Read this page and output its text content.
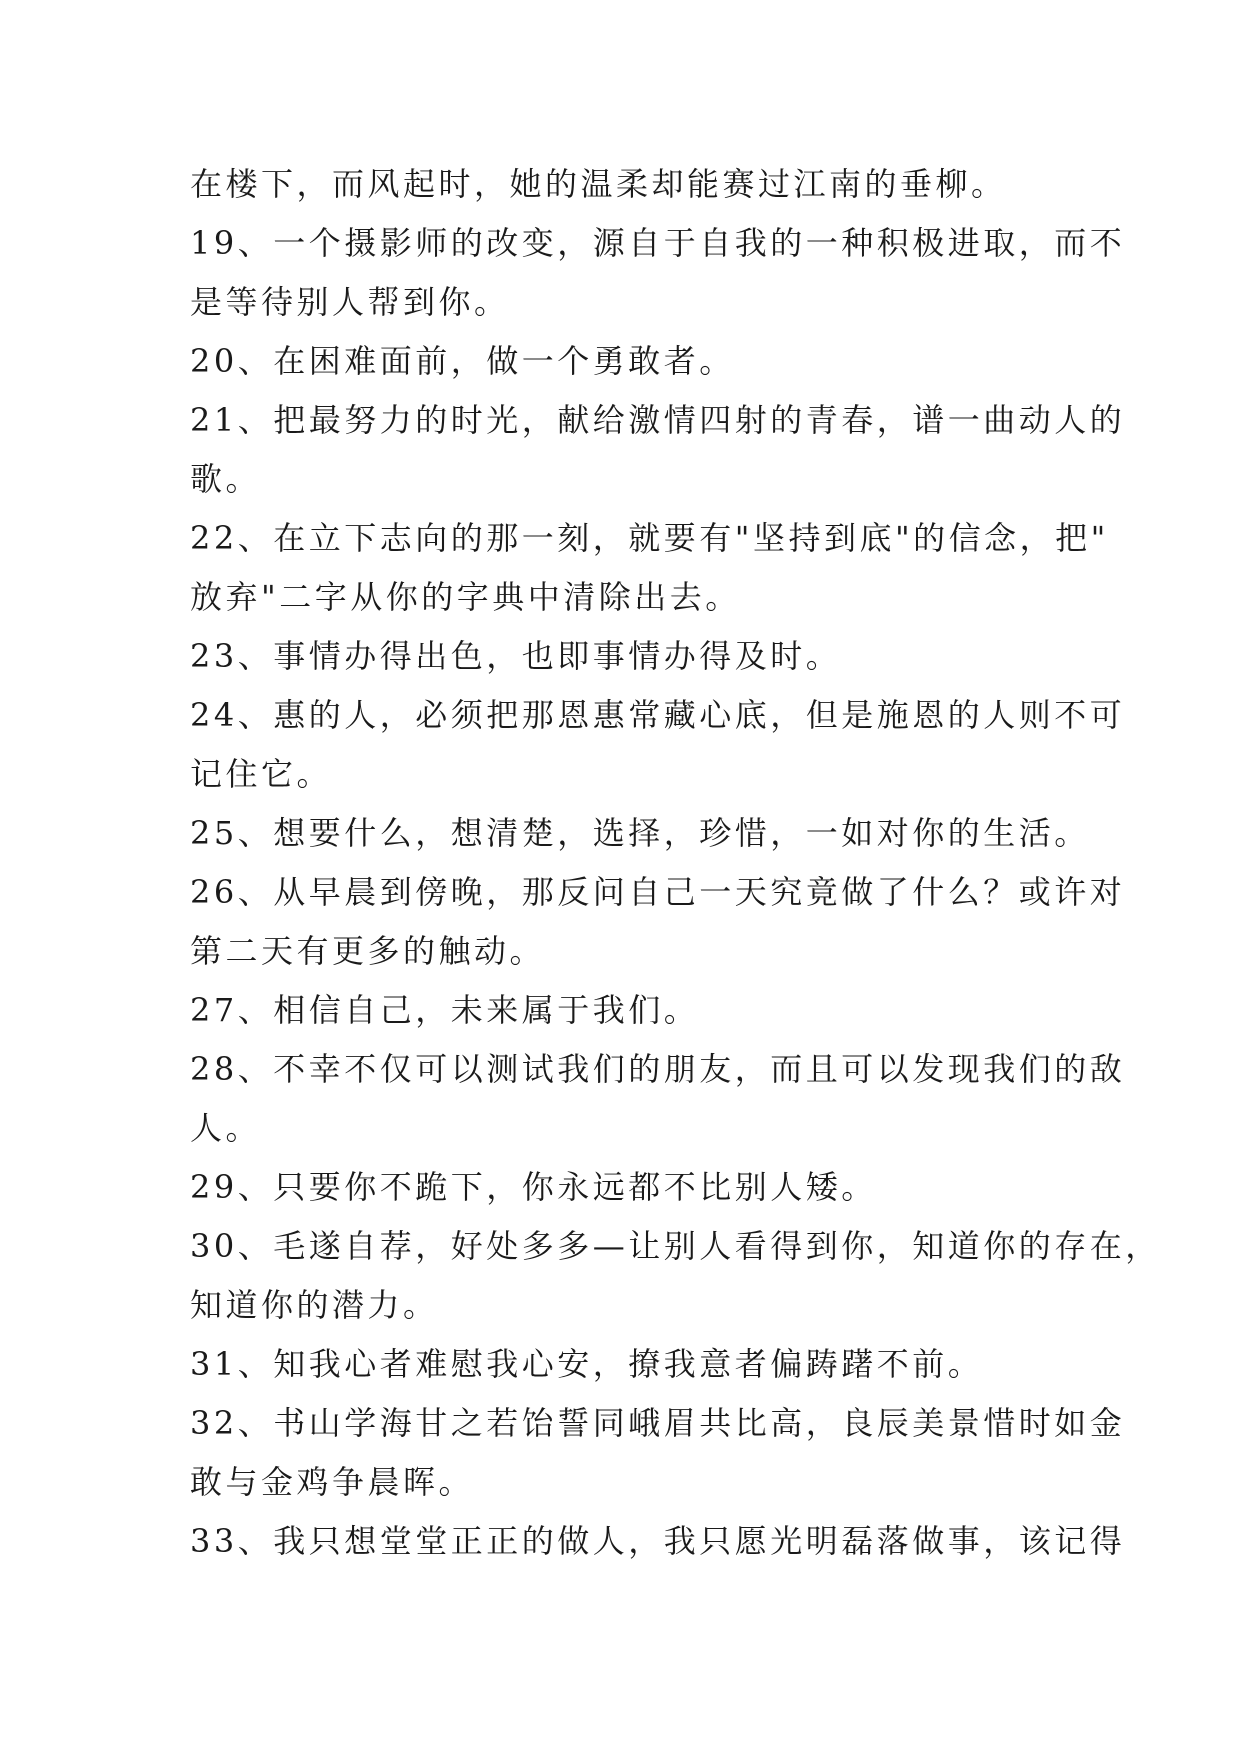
在楼下，而风起时，她的温柔却能赛过江南的垂柳。
19、一个摄影师的改变，源自于自我的一种积极进取，而不
是等待别人帮到你。
20、在困难面前，做一个勇敢者。
21、把最努力的时光，献给激情四射的青春，谱一曲动人的
歌。
22、在立下志向的那一刻，就要有"坚持到底"的信念，把"
放弃"二字从你的字典中清除出去。
23、事情办得出色，也即事情办得及时。
24、惠的人，必须把那恩惠常藏心底，但是施恩的人则不可
记住它。
25、想要什么，想清楚，选择，珍惜，一如对你的生活。
26、从早晨到傍晚，那反问自己一天究竟做了什么？或许对
第二天有更多的触动。
27、相信自己，未来属于我们。
28、不幸不仅可以测试我们的朋友，而且可以发现我们的敌
人。
29、只要你不跪下，你永远都不比别人矮。
30、毛遂自荐，好处多多—让别人看得到你，知道你的存在，
知道你的潜力。
31、知我心者难慰我心安，撩我意者偏踌躇不前。
32、书山学海甘之若饴誓同峨眉共比高，良辰美景惜时如金
敢与金鸡争晨晖。
33、我只想堂堂正正的做人，我只愿光明磊落做事，该记得
